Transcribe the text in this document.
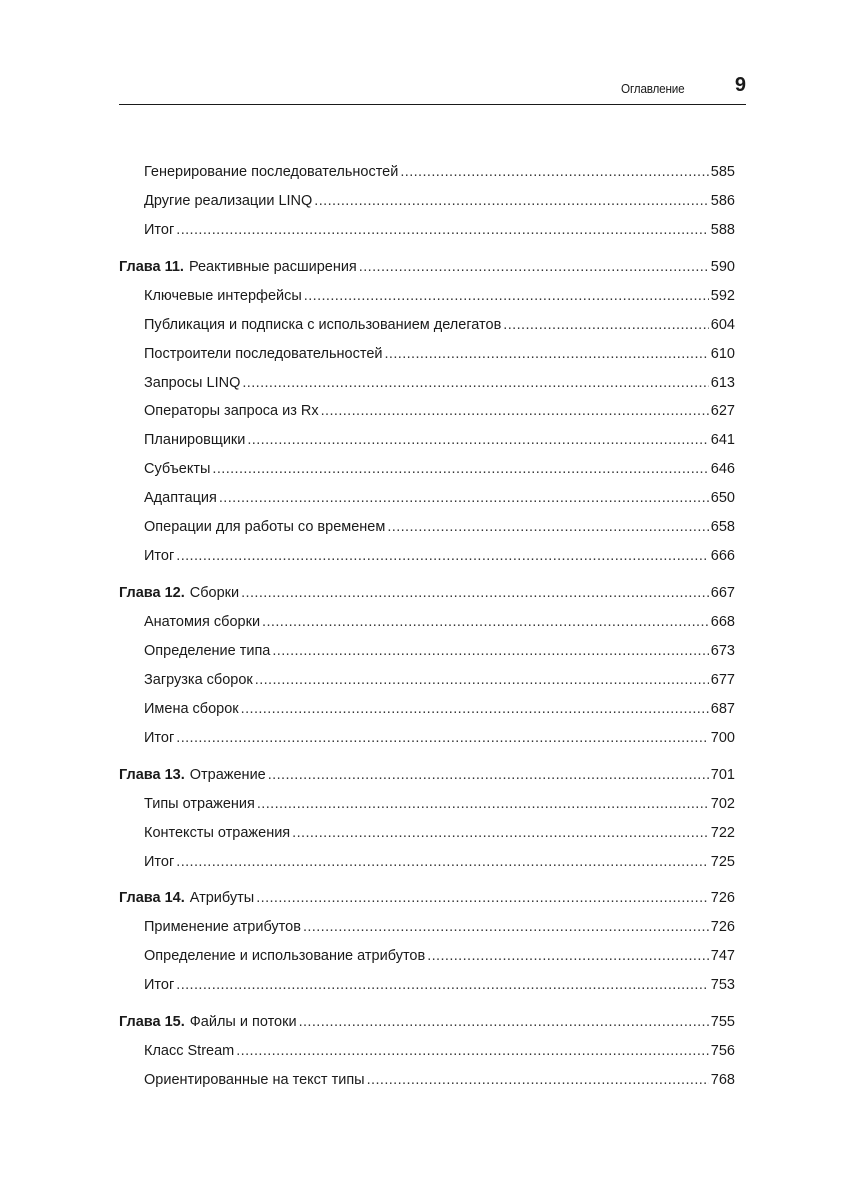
Оглавление	9
Генерирование последовательностей .....	585
Другие реализации LINQ .....	586
Итог .....	588
Глава 11. Реактивные расширения .....	590
Ключевые интерфейсы .....	592
Публикация и подписка с использованием делегатов .....	604
Построители последовательностей .....	610
Запросы LINQ .....	613
Операторы запроса из Rx .....	627
Планировщики .....	641
Субъекты .....	646
Адаптация .....	650
Операции для работы со временем .....	658
Итог .....	666
Глава 12. Сборки .....	667
Анатомия сборки .....	668
Определение типа .....	673
Загрузка сборок .....	677
Имена сборок .....	687
Итог .....	700
Глава 13. Отражение .....	701
Типы отражения .....	702
Контексты отражения .....	722
Итог .....	725
Глава 14. Атрибуты .....	726
Применение атрибутов .....	726
Определение и использование атрибутов .....	747
Итог .....	753
Глава 15. Файлы и потоки .....	755
Класс Stream .....	756
Ориентированные на текст типы .....	768
